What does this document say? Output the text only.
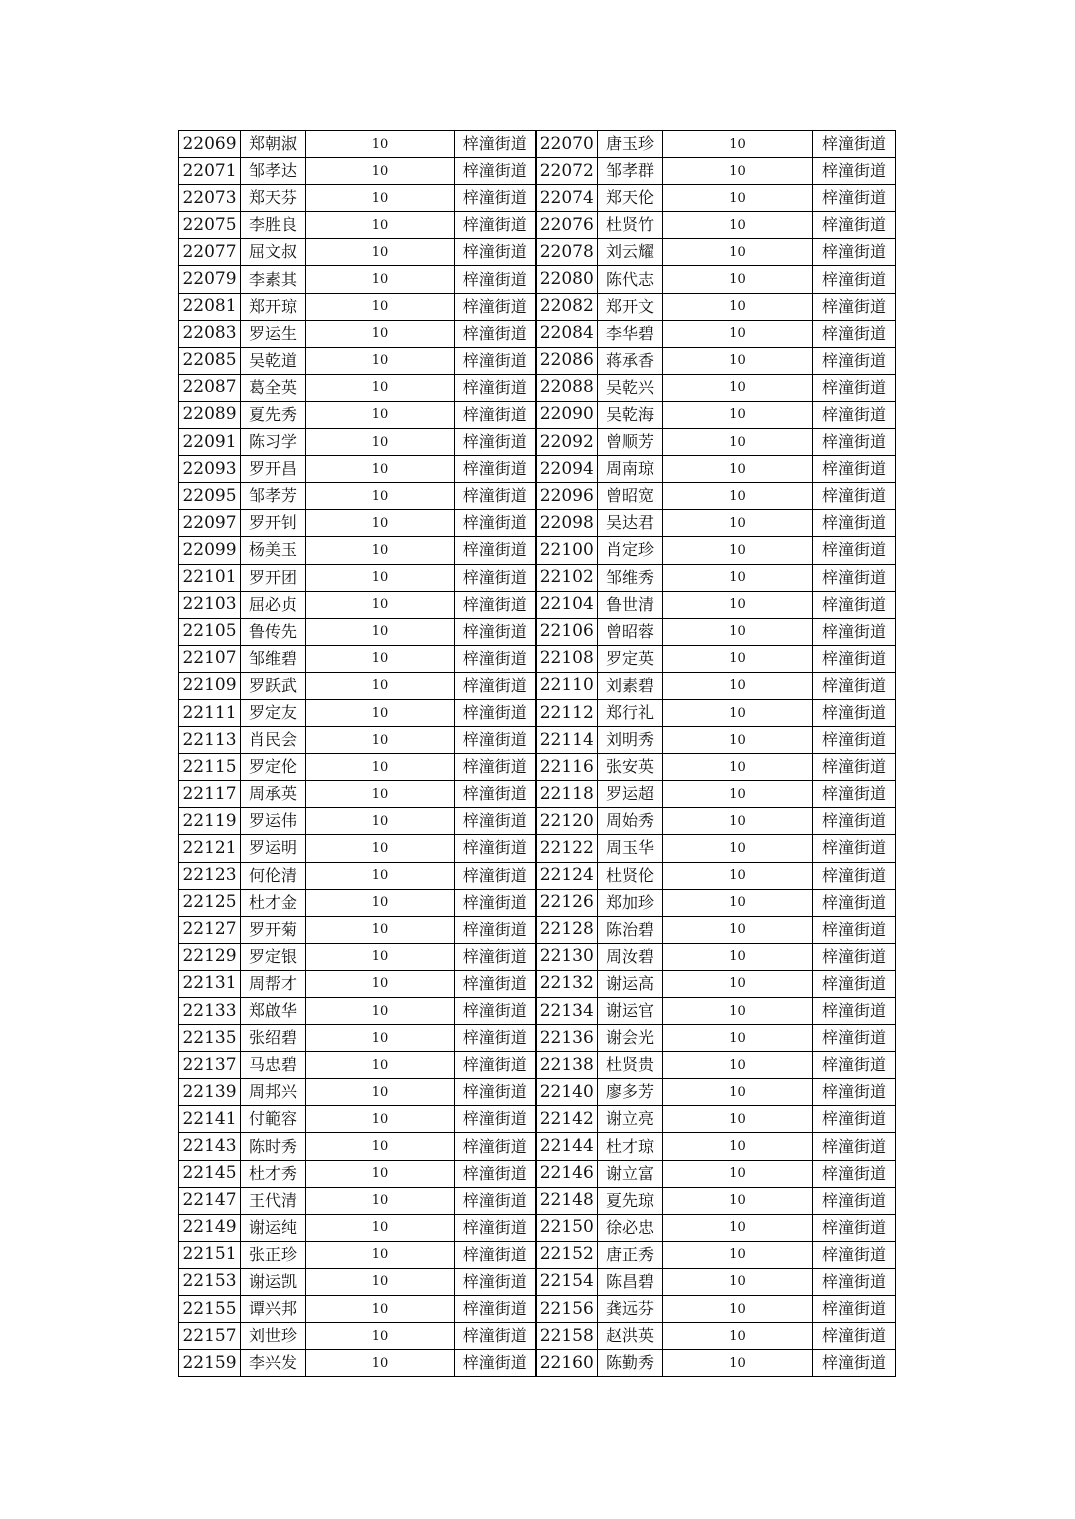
22069	郑朝淑	10	梓潼街道	22070	唐玉珍	10	梓潼街道
22071	邹孝达	10	梓潼街道	22072	邹孝群	10	梓潼街道
22073	郑天芬	10	梓潼街道	22074	郑天伦	10	梓潼街道
22075	李胜良	10	梓潼街道	22076	杜贤竹	10	梓潼街道
22077	屈文叔	10	梓潼街道	22078	刘云耀	10	梓潼街道
22079	李素其	10	梓潼街道	22080	陈代志	10	梓潼街道
22081	郑开琼	10	梓潼街道	22082	郑开文	10	梓潼街道
22083	罗运生	10	梓潼街道	22084	李华碧	10	梓潼街道
22085	吴乾道	10	梓潼街道	22086	蒋承香	10	梓潼街道
22087	葛全英	10	梓潼街道	22088	吴乾兴	10	梓潼街道
22089	夏先秀	10	梓潼街道	22090	吴乾海	10	梓潼街道
22091	陈习学	10	梓潼街道	22092	曾顺芳	10	梓潼街道
22093	罗开昌	10	梓潼街道	22094	周南琼	10	梓潼街道
22095	邹孝芳	10	梓潼街道	22096	曾昭宽	10	梓潼街道
22097	罗开钊	10	梓潼街道	22098	吴达君	10	梓潼街道
22099	杨美玉	10	梓潼街道	22100	肖定珍	10	梓潼街道
22101	罗开团	10	梓潼街道	22102	邹维秀	10	梓潼街道
22103	屈必贞	10	梓潼街道	22104	鲁世清	10	梓潼街道
22105	鲁传先	10	梓潼街道	22106	曾昭蓉	10	梓潼街道
22107	邹维碧	10	梓潼街道	22108	罗定英	10	梓潼街道
22109	罗跃武	10	梓潼街道	22110	刘素碧	10	梓潼街道
22111	罗定友	10	梓潼街道	22112	郑行礼	10	梓潼街道
22113	肖民会	10	梓潼街道	22114	刘明秀	10	梓潼街道
22115	罗定伦	10	梓潼街道	22116	张安英	10	梓潼街道
22117	周承英	10	梓潼街道	22118	罗运超	10	梓潼街道
22119	罗运伟	10	梓潼街道	22120	周始秀	10	梓潼街道
22121	罗运明	10	梓潼街道	22122	周玉华	10	梓潼街道
22123	何伦清	10	梓潼街道	22124	杜贤伦	10	梓潼街道
22125	杜才金	10	梓潼街道	22126	郑加珍	10	梓潼街道
22127	罗开菊	10	梓潼街道	22128	陈治碧	10	梓潼街道
22129	罗定银	10	梓潼街道	22130	周汝碧	10	梓潼街道
22131	周帮才	10	梓潼街道	22132	谢运高	10	梓潼街道
22133	郑啟华	10	梓潼街道	22134	谢运官	10	梓潼街道
22135	张绍碧	10	梓潼街道	22136	谢会光	10	梓潼街道
22137	马忠碧	10	梓潼街道	22138	杜贤贵	10	梓潼街道
22139	周邦兴	10	梓潼街道	22140	廖多芳	10	梓潼街道
22141	付範容	10	梓潼街道	22142	谢立亮	10	梓潼街道
22143	陈时秀	10	梓潼街道	22144	杜才琼	10	梓潼街道
22145	杜才秀	10	梓潼街道	22146	谢立富	10	梓潼街道
22147	王代清	10	梓潼街道	22148	夏先琼	10	梓潼街道
22149	谢运纯	10	梓潼街道	22150	徐必忠	10	梓潼街道
22151	张正珍	10	梓潼街道	22152	唐正秀	10	梓潼街道
22153	谢运凯	10	梓潼街道	22154	陈昌碧	10	梓潼街道
22155	谭兴邦	10	梓潼街道	22156	龚远芬	10	梓潼街道
22157	刘世珍	10	梓潼街道	22158	赵洪英	10	梓潼街道
22159	李兴发	10	梓潼街道	22160	陈勤秀	10	梓潼街道
